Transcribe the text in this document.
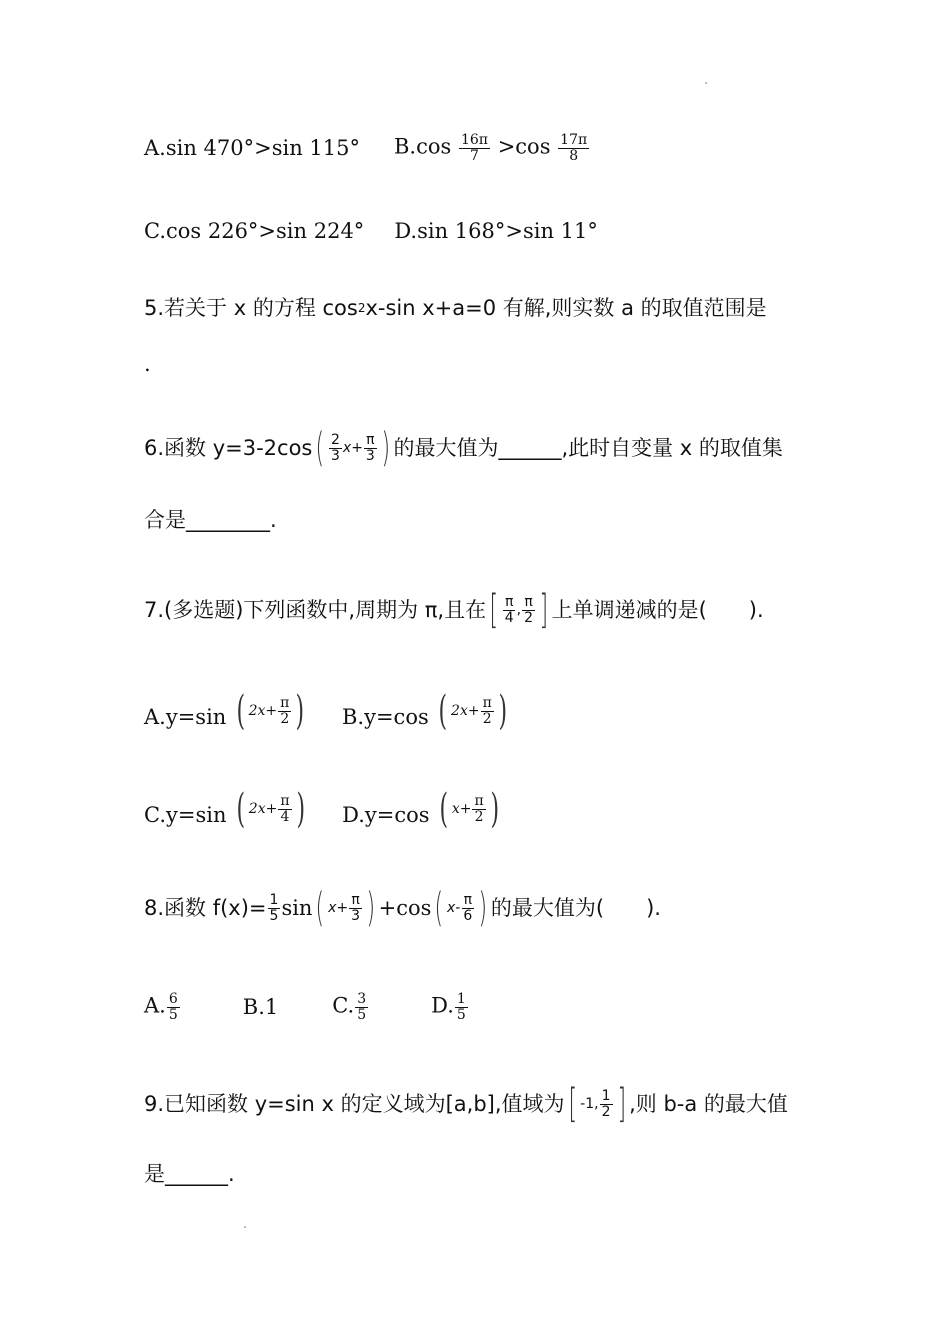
A.sin 470°>sin 115° $B.\cos \frac{16\pi}{7} >\cos \frac{17\pi}{8}$
C.cos 226°>sin 224° D.sin 168°>sin 11°
5.若关于 x 的方程 cos 2 x-sin x+a=0 有解,则实数 a 的取值范围是
.
6.函数 y=3-2cos ( $\frac{2}{3} x+ \frac{\pi}{3}$ ) 的最大值为______,此时自变量 x 的取值集
合是________.
7.(多选题)下列函数中,周期为 π,且在 [ $\frac{\pi}{4}$ , $\frac{\pi}{2}$ ] 上单调递减的是(　　).
A.y=sin ( $2x+ \frac{\pi}{2}$ ) B.y=cos ( $2x+ \frac{\pi}{2}$ )
C.y=sin ( $2x+ \frac{\pi}{4}$ ) D.y=cos ( $x+ \frac{\pi}{2}$ )
8.函数 $f(x)= \frac{1}{5}$ sin ( $x+ \frac{\pi}{3}$ ) +cos ( $x- \frac{\pi}{6}$ ) 的最大值为(　　).
A. $\frac{6}{5}$	B.1	C. $\frac{3}{5}$	D. $\frac{1}{5}$
9.已知函数 y=sin x 的定义域为[a,b],值域为 [ -1, $\frac{1}{2}$ ] ,则 b-a 的最大值
是______.
